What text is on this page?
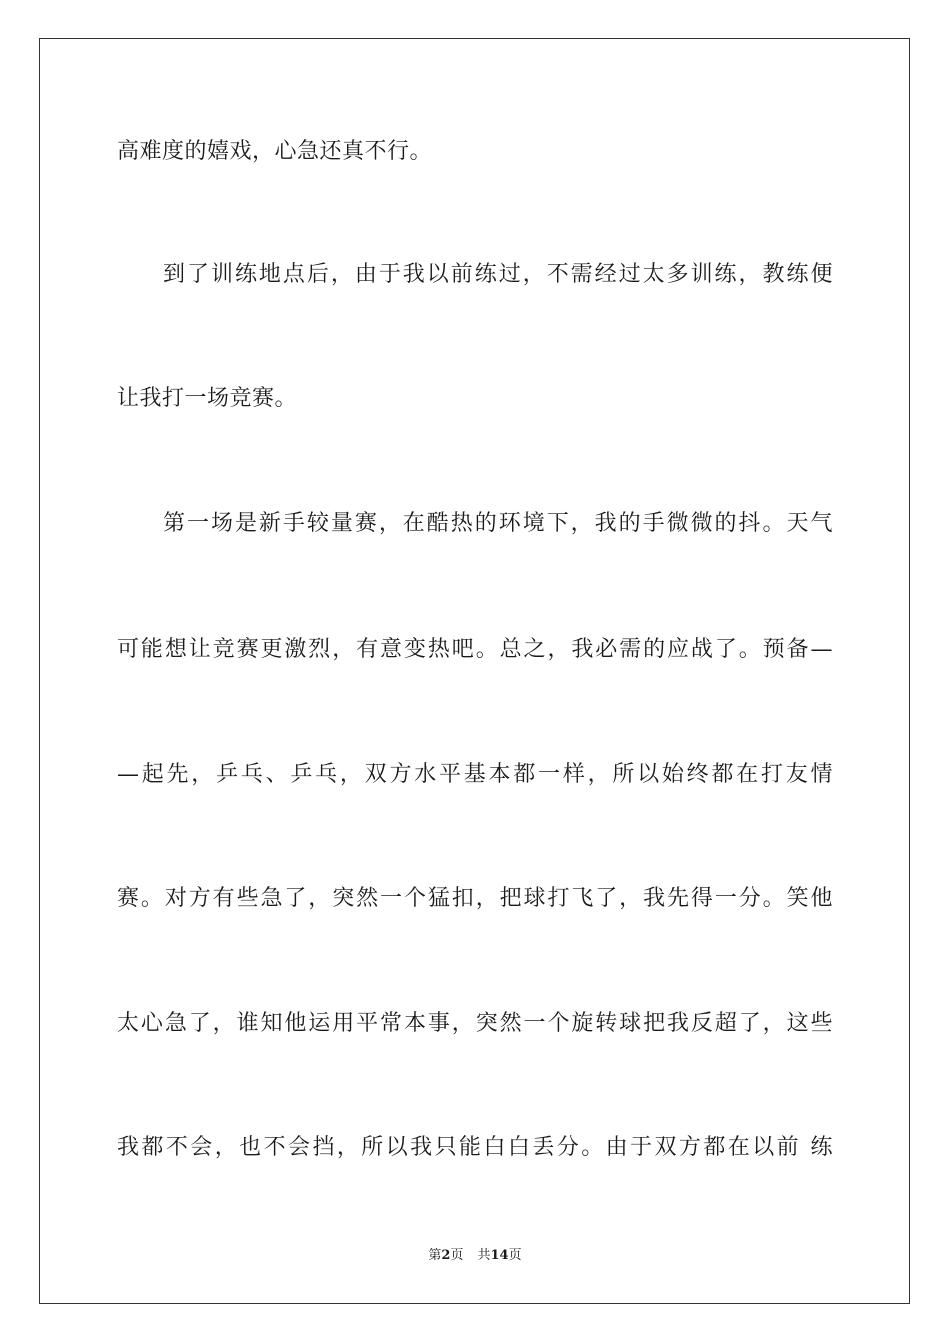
高难度的嬉戏，心急还真不行。
到了训练地点后，由于我以前练过，不需经过太多训练，教练便
让我打一场竞赛。
第一场是新手较量赛，在酷热的环境下，我的手微微的抖。天气
可能想让竞赛更激烈，有意变热吧。总之，我必需的应战了。预备—
—起先，乒乓、乒乓，双方水平基本都一样，所以始终都在打友情
赛。对方有些急了，突然一个猛扣，把球打飞了，我先得一分。笑他
太心急了，谁知他运用平常本事，突然一个旋转球把我反超了，这些
我都不会，也不会挡，所以我只能白白丢分。由于双方都在以前 练
第2页 共14页
